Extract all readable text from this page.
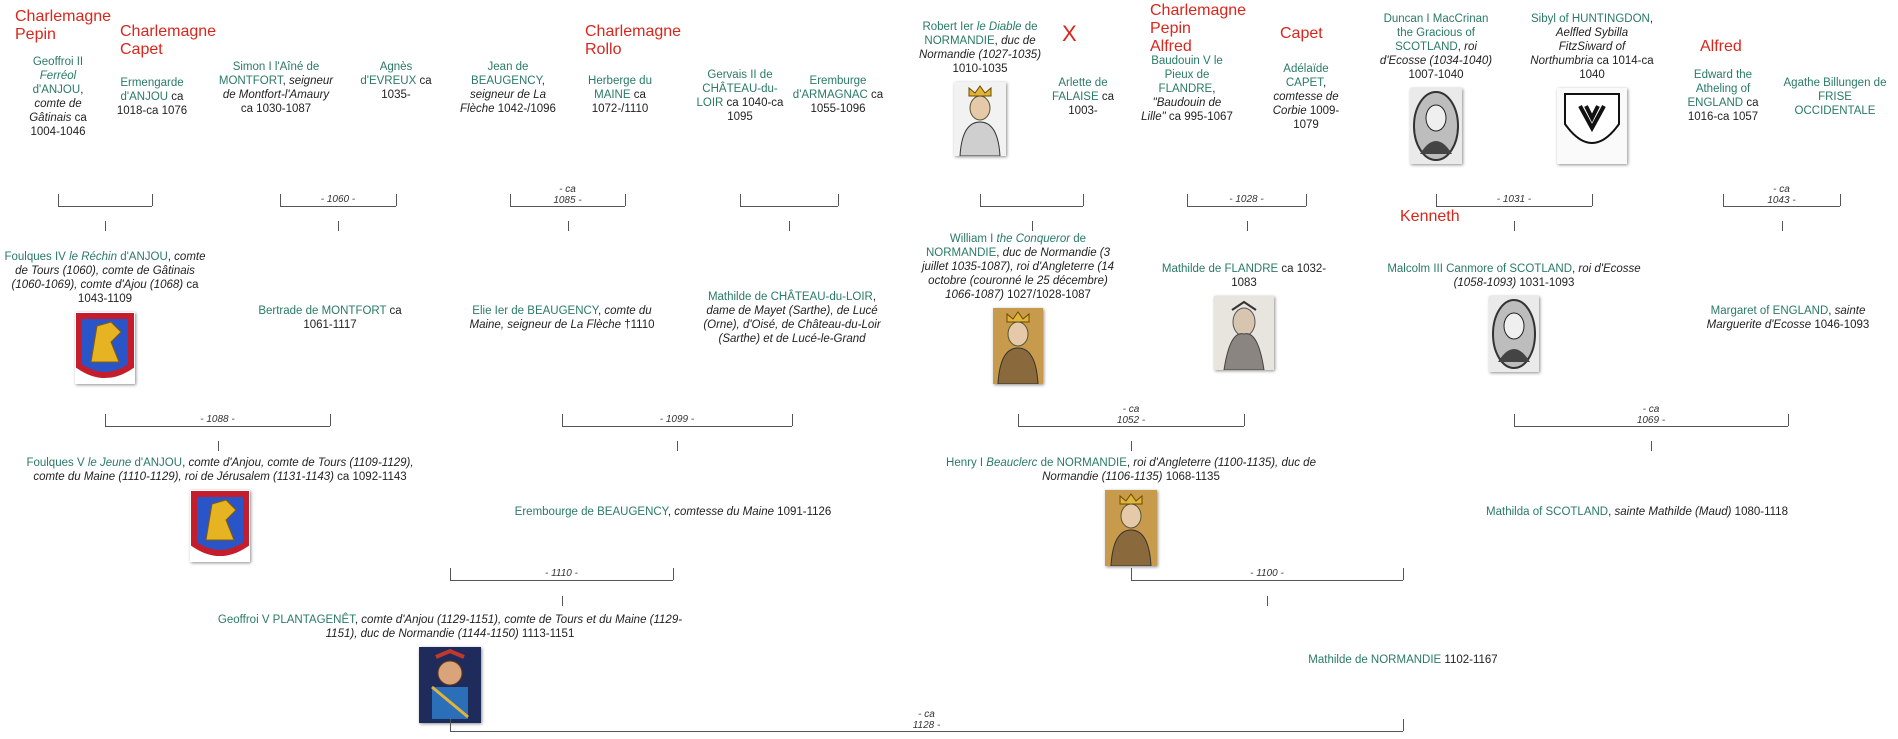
Geoffroi II Ferréol d'ANJOU, comte de Gâtinais ca 1004-1046
Charlemagne
Pepin
Ermengarde d'ANJOU ca 1018-ca 1076
Charlemagne
Capet
Simon I l'Aîné de MONTFORT, seigneur de Montfort-l'Amaury ca 1030-1087
Agnès d'EVREUX ca 1035-
Jean de BEAUGENCY, seigneur de La Flèche 1042-/1096
Herberge du MAINE ca 1072-/1110
Charlemagne
Rollo
Gervais II de CHÂTEAU-du-LOIR ca 1040-ca 1095
Eremburge d'ARMAGNAC ca 1055-1096
Robert Ier le Diable de NORMANDIE, duc de Normandie (1027-1035) 1010-1035
Arlette de FALAISE ca 1003-
X
Baudouin V le Pieux de FLANDRE, "Baudouin de Lille" ca 995-1067
Charlemagne
Pepin
Alfred
Adélaïde CAPET, comtesse de Corbie 1009-1079
Capet
Duncan I MacCrinan the Gracious of SCOTLAND, roi d'Ecosse (1034-1040) 1007-1040
Sibyl of HUNTINGDON, Aelfled Sybilla FitzSiward of Northumbria ca 1014-ca 1040	Edward the Atheling of ENGLAND ca 1016-ca 1057
Alfred
Agathe Billungen de FRISE OCCIDENTALE
Foulques IV le Réchin d'ANJOU, comte de Tours (1060), comte de Gâtinais (1060-1069), comte d'Ajou (1068) ca 1043-1109
Bertrade de MONTFORT ca 1061-1117
Elie Ier de BEAUGENCY, comte du Maine, seigneur de La Flèche †1110
Mathilde de CHÂTEAU-du-LOIR, dame de Mayet (Sarthe), de Lucé (Orne), d'Oisé, de Château-du-Loir (Sarthe) et de Lucé-le-Grand
William I the Conqueror de NORMANDIE, duc de Normandie (3 juillet 1035-1087), roi d'Angleterre (14 octobre (couronné le 25 décembre) 1066-1087) 1027/1028-1087
Mathilde de FLANDRE ca 1032-1083
Malcolm III Canmore of SCOTLAND, roi d'Ecosse (1058-1093) 1031-1093
Kenneth
Margaret of ENGLAND, sainte Marguerite d'Ecosse 1046-1093
Foulques V le Jeune d'ANJOU, comte d'Anjou, comte de Tours (1109-1129), comte du Maine (1110-1129), roi de Jérusalem (1131-1143) ca 1092-1143
Erembourge de BEAUGENCY, comtesse du Maine 1091-1126
Henry I Beauclerc de NORMANDIE, roi d'Angleterre (1100-1135), duc de Normandie (1106-1135) 1068-1135
Mathilda of SCOTLAND, sainte Mathilde (Maud) 1080-1118
Geoffroi V PLANTAGENÊT, comte d'Anjou (1129-1151), comte de Tours et du Maine (1129-1151), duc de Normandie (1144-1150) 1113-1151
Mathilde de NORMANDIE 1102-1167
- 1060 -
- ca
1085 -	- 1028 -	- 1031 -
- ca
1043 -
- 1088 -	- 1099 -
- ca
1052 -
- ca
1069 -
- 1110 -	- 1100 -
- ca
1128 -
